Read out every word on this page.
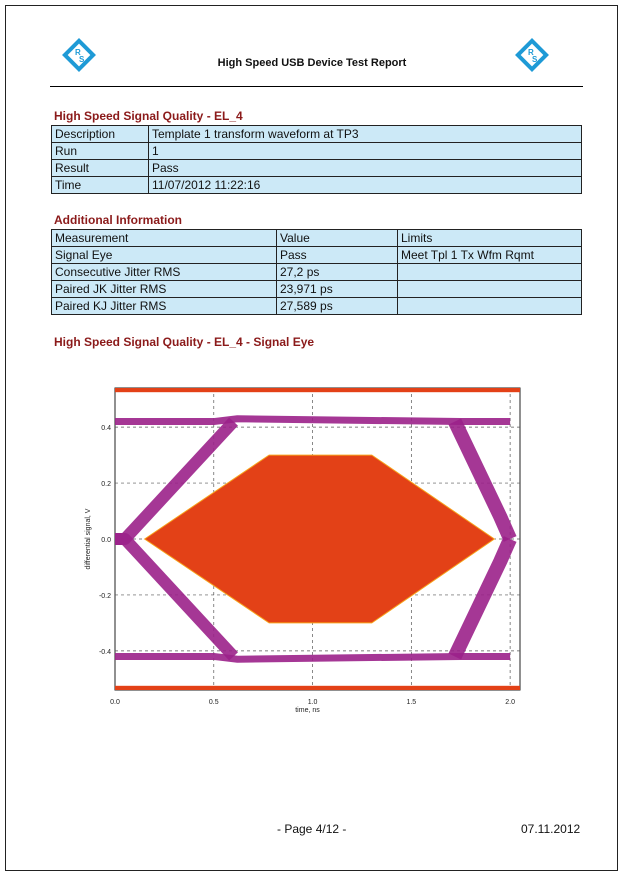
R
S
R
S
High Speed USB Device Test Report
High Speed Signal Quality - EL_4
Description	Template 1 transform waveform at TP3
Run	1
Result	Pass
Time	11/07/2012 11:22:16
Additional Information
Measurement	Value	Limits
Signal Eye	Pass	Meet Tpl 1 Tx Wfm Rqmt
Consecutive Jitter RMS	27,2 ps	
Paired JK Jitter RMS	23,971 ps	
Paired KJ Jitter RMS	27,589 ps	
High Speed Signal Quality - EL_4 - Signal Eye
0.0	0.5	1.0	1.5	2.0
0.4
0.2
0.0
-0.2
-0.4
time, ns
differential signal, V
- Page 4/12 -	07.11.2012
